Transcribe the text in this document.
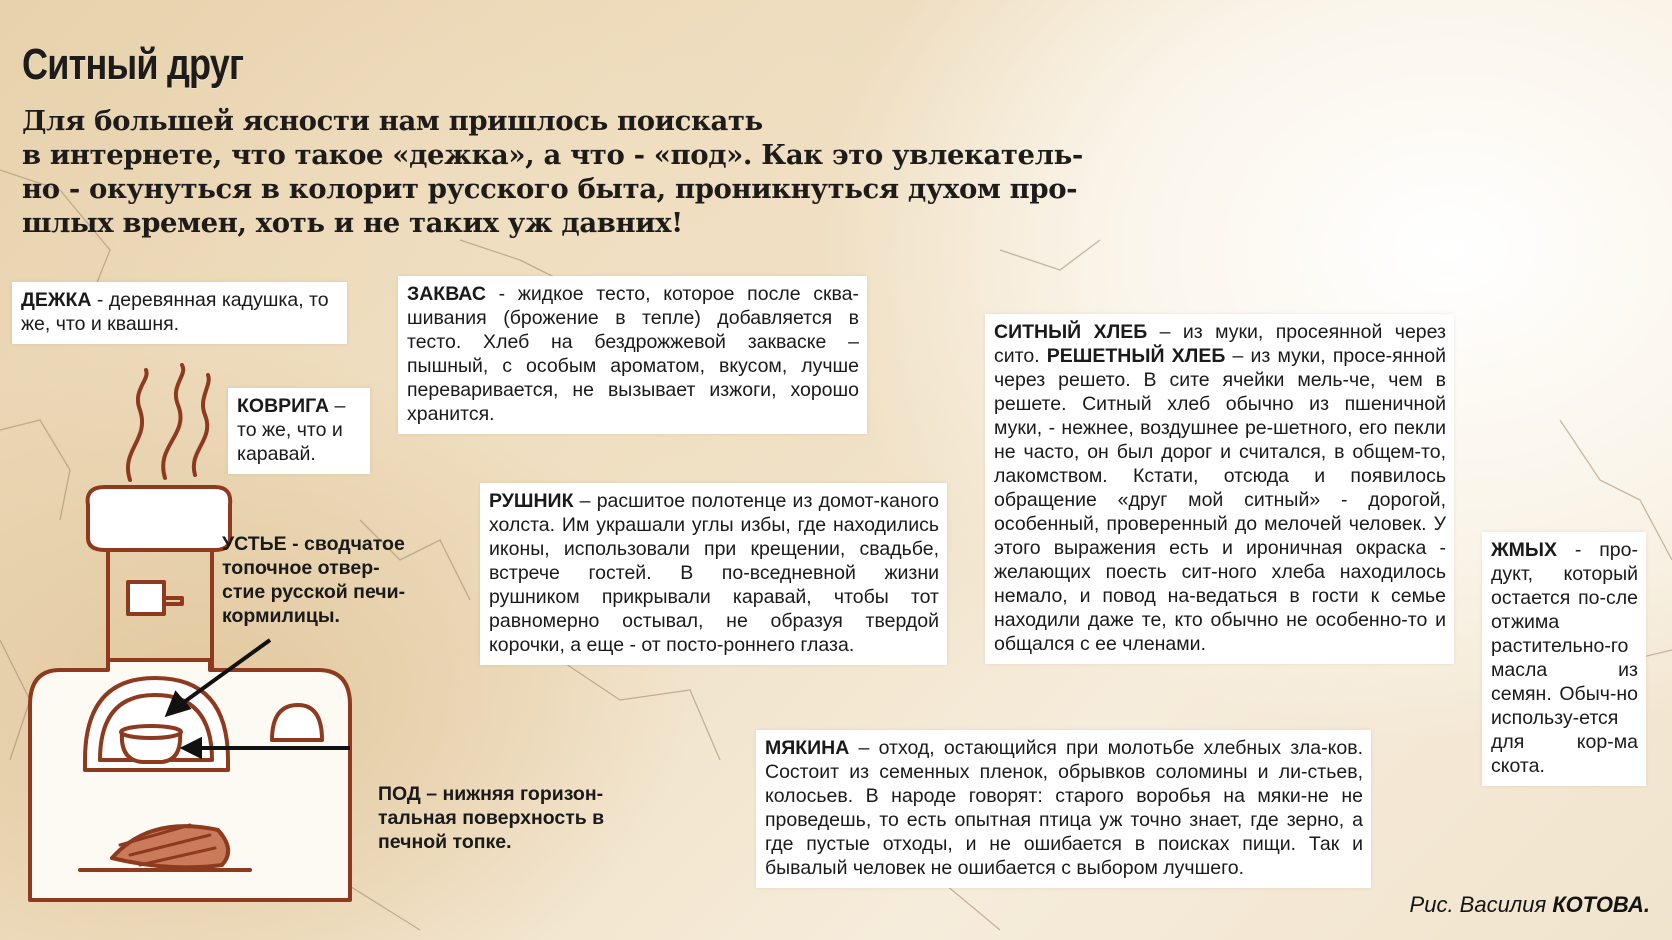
Ситный друг

Для большей ясности нам пришлось поискать
в интернете, что такое «дежка», а что - «под». Как это увлекатель-
но - окунуться в колорит русского быта, проникнуться духом про-
шлых времен, хоть и не таких уж давних!

ДЕЖКА - деревянная кадушка, то же, что и квашня.
КОВРИГА – то же, что и каравай.
ЗАКВАС - жидкое тесто, которое после сква-шивания (брожение в тепле) добавляется в тесто. Хлеб на бездрожжевой закваске – пышный, с особым ароматом, вкусом, лучше переваривается, не вызывает изжоги, хорошо хранится.
РУШНИК – расшитое полотенце из домот-каного холста. Им украшали углы избы, где находились иконы, использовали при крещении, свадьбе, встрече гостей. В по-вседневной жизни рушником прикрывали каравай, чтобы тот равномерно остывал, не образуя твердой корочки, а еще - от посто-роннего глаза.
СИТНЫЙ ХЛЕБ – из муки, просеянной через сито. РЕШЕТНЫЙ ХЛЕБ – из муки, просе-янной через решето. В сите ячейки мель-че, чем в решете. Ситный хлеб обычно из пшеничной муки, - нежнее, воздушнее ре-шетного, его пекли не часто, он был дорог и считался, в общем-то, лакомством. Кстати, отсюда и появилось обращение «друг мой ситный» - дорогой, особенный, проверенный до мелочей человек. У этого выражения есть и ироничная окраска - желающих поесть сит-ного хлеба находилось немало, и повод на-ведаться в гости к семье находили даже те, кто обычно не особенно-то и общался с ее членами.
ЖМЫХ - про-дукт, который остается по-сле отжима растительно-го масла из семян. Обыч-но использу-ется для кор-ма скота.
МЯКИНА – отход, остающийся при молотьбе хлебных зла-ков. Состоит из семенных пленок, обрывков соломины и ли-стьев, колосьев. В народе говорят: старого воробья на мяки-не не проведешь, то есть опытная птица уж точно знает, где зерно, а где пустые отходы, и не ошибается в поисках пищи. Так и бывалый человек не ошибается с выбором лучшего.
УСТЬЕ - сводчатое
топочное отвер-
стие русской печи-
кормилицы.
ПОД – нижняя горизон-
тальная поверхность в
печной топке.
Рис. Василия КОТОВА.
